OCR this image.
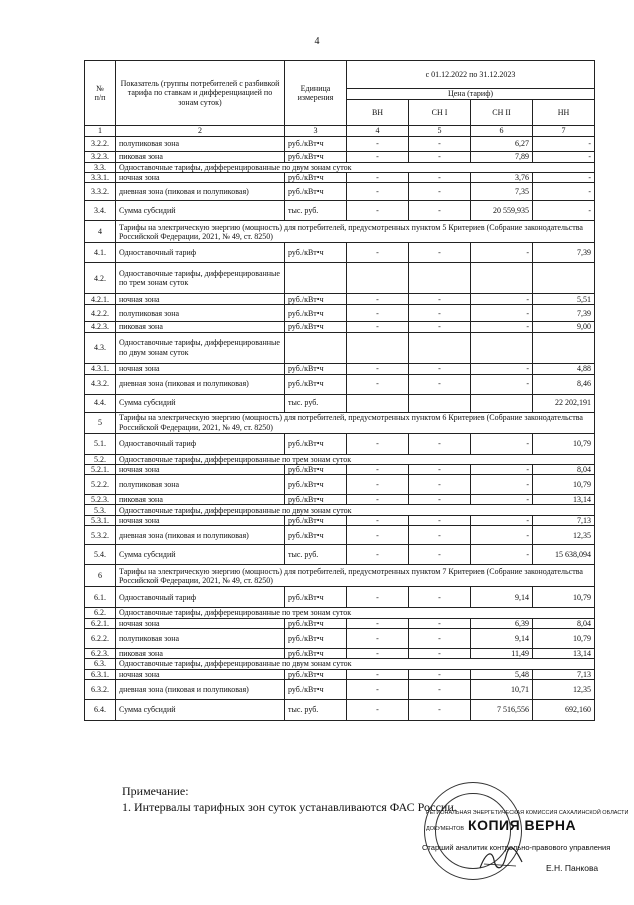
4
№
п/п	Показатель (группы потребителей с разбивкой тарифа по ставкам и дифференциацией по зонам суток)	Единица измерения	с 01.12.2022 по 31.12.2023			
			Цена (тариф)			
			ВН	СН I	СН II	НН
1	2	3	4	5	6	7
3.2.2.	полупиковая зона	руб./кВт•ч	-	-	6,27	-
3.2.3.	пиковая зона	руб./кВт•ч	-	-	7,89	-
3.3.	Одноставочные тарифы, дифференцированные по двум зонам суток					
3.3.1.	ночная зона	руб./кВт•ч	-	-	3,76	-
3.3.2.	дневная зона (пиковая и полупиковая)	руб./кВт•ч	-	-	7,35	-
3.4.	Сумма субсидий	тыс. руб.	-	-	20 559,935	-
4	Тарифы на электрическую энергию (мощность) для потребителей, предусмотренных пунктом 5 Критериев (Собрание законодательства Российской Федерации, 2021, № 49, ст. 8250)					
4.1.	Одноставочный тариф	руб./кВт•ч	-	-	-	7,39
4.2.	Одноставочные тарифы, дифференцированные по трем зонам суток					
4.2.1.	ночная зона	руб./кВт•ч	-	-	-	5,51
4.2.2.	полупиковая зона	руб./кВт•ч	-	-	-	7,39
4.2.3.	пиковая зона	руб./кВт•ч	-	-	-	9,00
4.3.	Одноставочные тарифы, дифференцированные по двум зонам суток					
4.3.1.	ночная зона	руб./кВт•ч	-	-	-	4,88
4.3.2.	дневная зона (пиковая и полупиковая)	руб./кВт•ч	-	-	-	8,46
4.4.	Сумма субсидий	тыс. руб.				22 202,191
5	Тарифы на электрическую энергию (мощность) для потребителей, предусмотренных пунктом 6 Критериев (Собрание законодательства Российской Федерации, 2021, № 49, ст. 8250)					
5.1.	Одноставочный тариф	руб./кВт•ч	-	-	-	10,79
5.2.	Одноставочные тарифы, дифференцированные по трем зонам суток					
5.2.1.	ночная зона	руб./кВт•ч	-	-	-	8,04
5.2.2.	полупиковая зона	руб./кВт•ч	-	-	-	10,79
5.2.3.	пиковая зона	руб./кВт•ч	-	-	-	13,14
5.3.	Одноставочные тарифы, дифференцированные по двум зонам суток					
5.3.1.	ночная зона	руб./кВт•ч	-	-	-	7,13
5.3.2.	дневная зона (пиковая и полупиковая)	руб./кВт•ч	-	-	-	12,35
5.4.	Сумма субсидий	тыс. руб.	-	-	-	15 638,094
6	Тарифы на электрическую энергию (мощность) для потребителей, предусмотренных пунктом 7 Критериев (Собрание законодательства Российской Федерации, 2021, № 49, ст. 8250)					
6.1.	Одноставочный тариф	руб./кВт•ч	-	-	9,14	10,79
6.2.	Одноставочные тарифы, дифференцированные по трем зонам суток					
6.2.1.	ночная зона	руб./кВт•ч	-	-	6,39	8,04
6.2.2.	полупиковая зона	руб./кВт•ч	-	-	9,14	10,79
6.2.3.	пиковая зона	руб./кВт•ч	-	-	11,49	13,14
6.3.	Одноставочные тарифы, дифференцированные по двум зонам суток					
6.3.1.	ночная зона	руб./кВт•ч	-	-	5,48	7,13
6.3.2.	дневная зона (пиковая и полупиковая)	руб./кВт•ч	-	-	10,71	12,35
6.4.	Сумма субсидий	тыс. руб.	-	-	7 516,556	692,160
Примечание:
1. Интервалы тарифных зон суток устанавливаются ФАС России.
РЕГИОНАЛЬНАЯ ЭНЕРГЕТИЧЕСКАЯ КОМИССИЯ САХАЛИНСКОЙ ОБЛАСТИ
ДОКУМЕНТОВ КОПИЯ ВЕРНА
Старший аналитик контрольно-правового управления
Е.Н. Панкова
